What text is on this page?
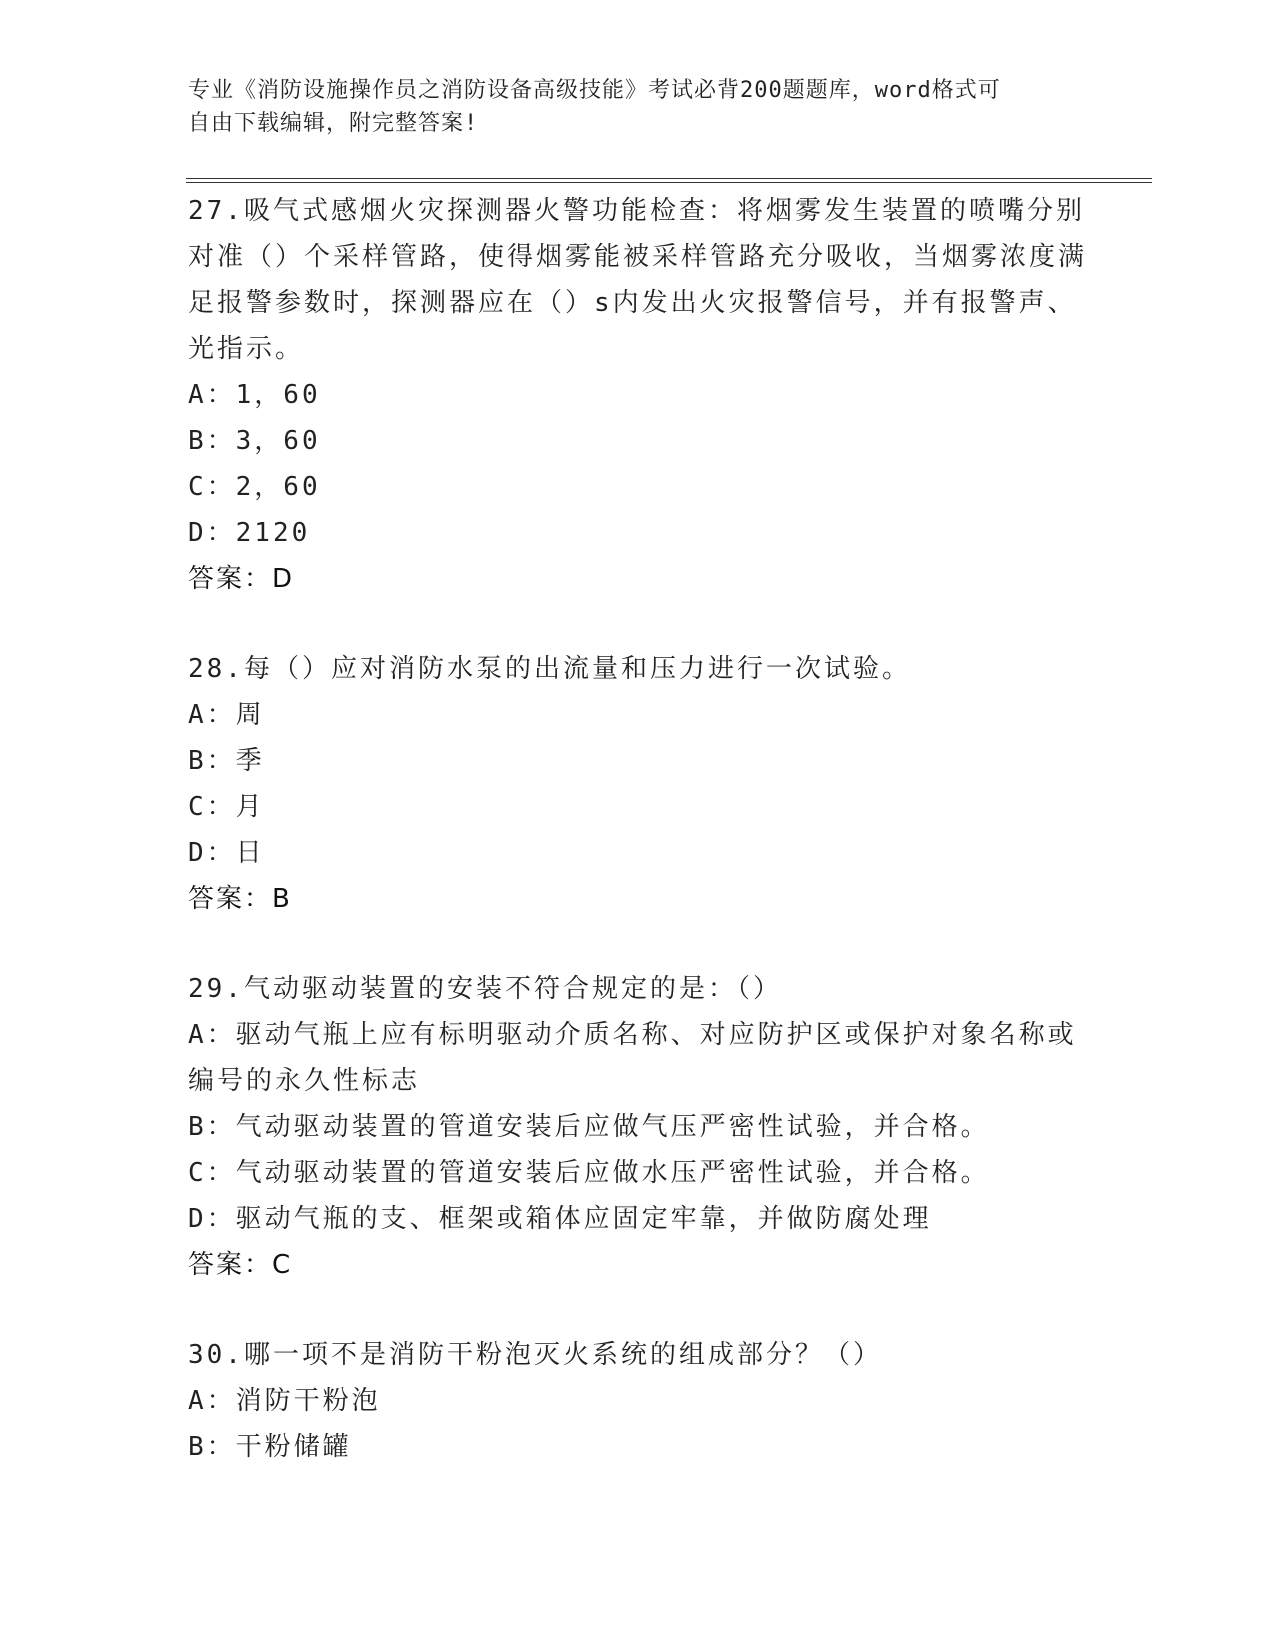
专业《消防设施操作员之消防设备高级技能》考试必背200题题库，word格式可
自由下载编辑，附完整答案!
27.吸气式感烟火灾探测器火警功能检查：将烟雾发生装置的喷嘴分别对准（）个采样管路，使得烟雾能被采样管路充分吸收，当烟雾浓度满足报警参数时，探测器应在（）s内发出火灾报警信号，并有报警声、光指示。
A：1，60
B：3，60
C：2，60
D：2120
答案：D
28.每（）应对消防水泵的出流量和压力进行一次试验。
A：周
B：季
C：月
D：日
答案：B
29.气动驱动装置的安装不符合规定的是：（）
A：驱动气瓶上应有标明驱动介质名称、对应防护区或保护对象名称或编号的永久性标志
B：气动驱动装置的管道安装后应做气压严密性试验，并合格。
C：气动驱动装置的管道安装后应做水压严密性试验，并合格。
D：驱动气瓶的支、框架或箱体应固定牢靠，并做防腐处理
答案：C
30.哪一项不是消防干粉泡灭火系统的组成部分？（）
A：消防干粉泡
B：干粉储罐
